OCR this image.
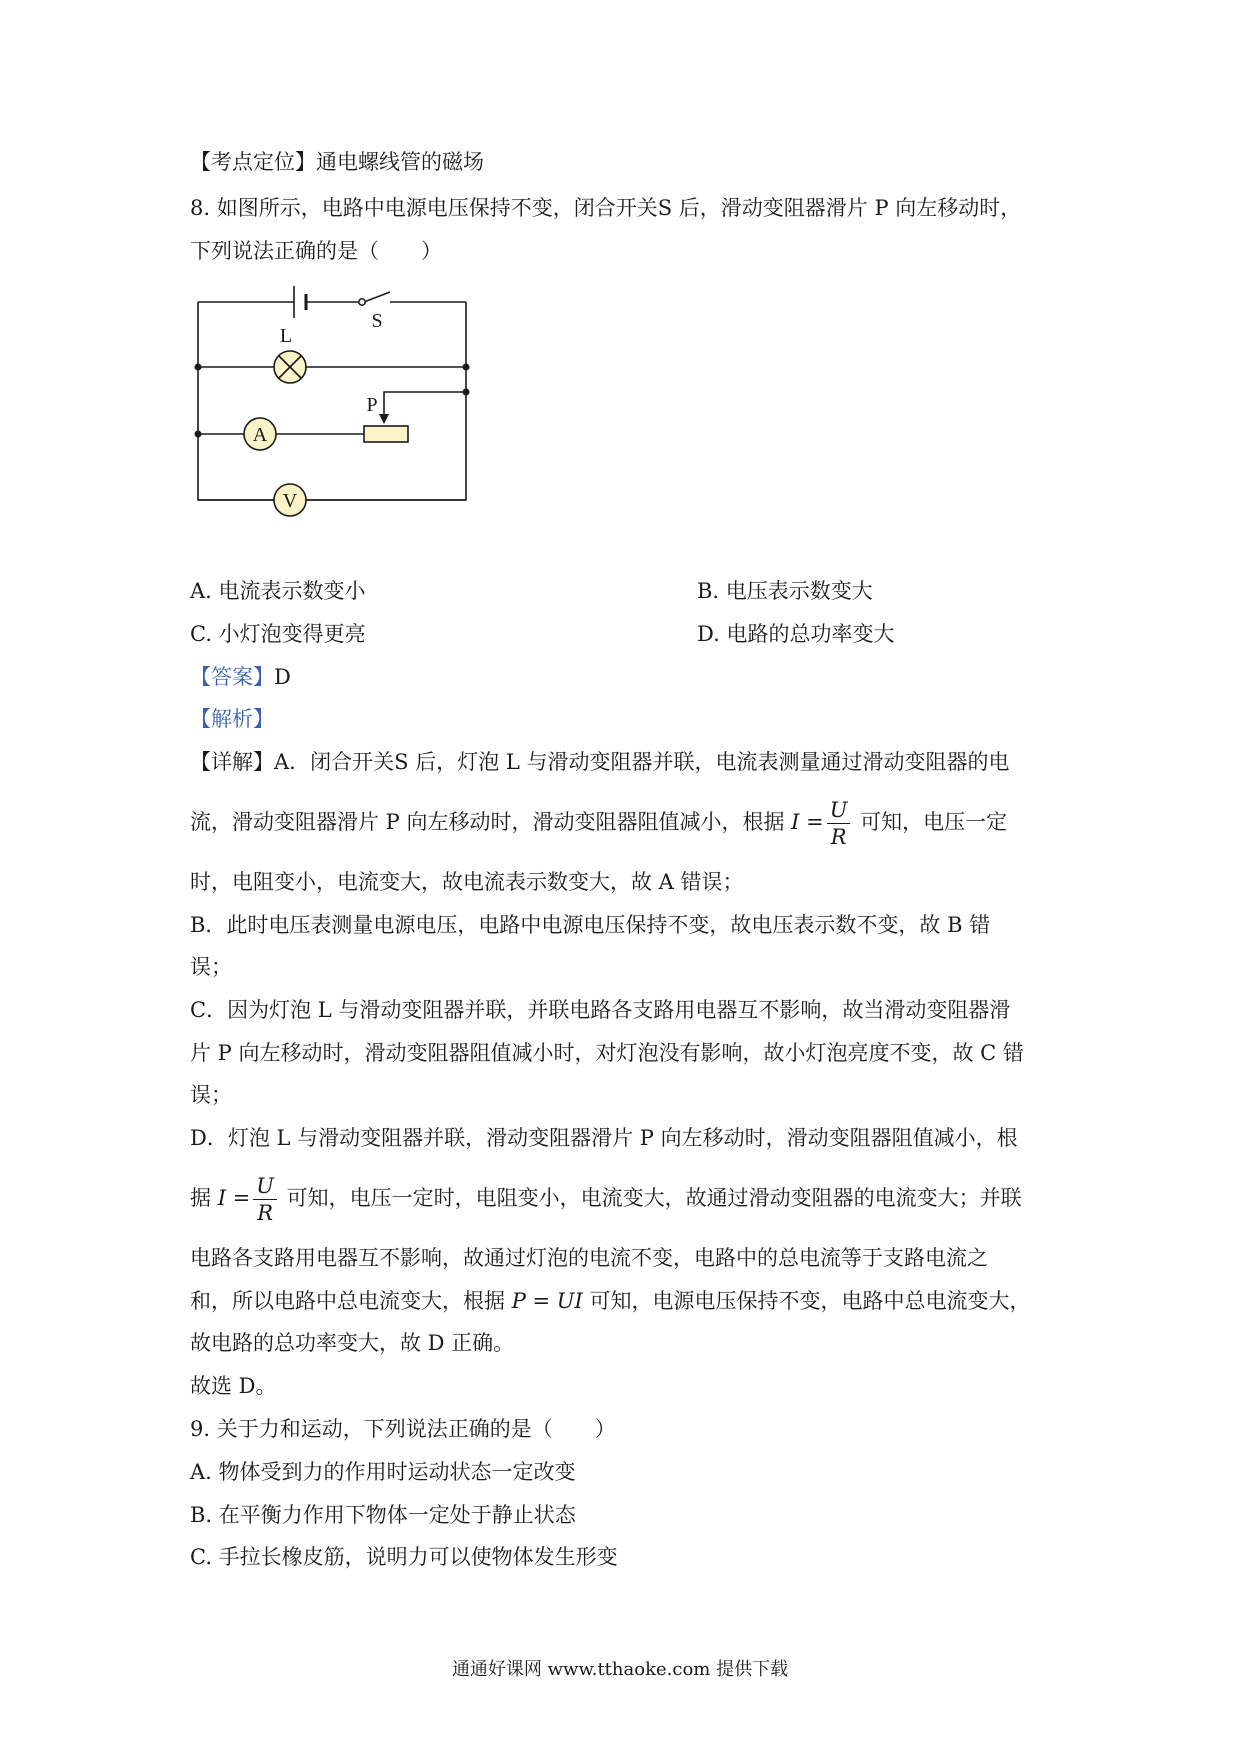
【考点定位】通电螺线管的磁场
8. 如图所示，电路中电源电压保持不变，闭合开关S 后，滑动变阻器滑片 P 向左移动时，
下列说法正确的是（　　）
S
L
P
A
V
A. 电流表示数变小	B. 电压表示数变大
C. 小灯泡变得更亮	D. 电路的总功率变大
【答案】D
【解析】
【详解】A．闭合开关S 后，灯泡 L 与滑动变阻器并联，电流表测量通过滑动变阻器的电
流，滑动变阻器滑片 P 向左移动时，滑动变阻器阻值减小，根据 $I = \frac{U}{R}$ 可知，电压一定
时，电阻变小，电流变大，故电流表示数变大，故 A 错误；
B．此时电压表测量电源电压，电路中电源电压保持不变，故电压表示数不变，故 B 错
误；
C．因为灯泡 L 与滑动变阻器并联，并联电路各支路用电器互不影响，故当滑动变阻器滑
片 P 向左移动时，滑动变阻器阻值减小时，对灯泡没有影响，故小灯泡亮度不变，故 C 错
误；
D．灯泡 L 与滑动变阻器并联，滑动变阻器滑片 P 向左移动时，滑动变阻器阻值减小，根
据 $I = \frac{U}{R}$ 可知，电压一定时，电阻变小，电流变大，故通过滑动变阻器的电流变大；并联
电路各支路用电器互不影响，故通过灯泡的电流不变，电路中的总电流等于支路电流之
和，所以电路中总电流变大，根据 P = UI 可知，电源电压保持不变，电路中总电流变大，
故电路的总功率变大，故 D 正确。
故选 D。
9. 关于力和运动，下列说法正确的是（　　）
A. 物体受到力的作用时运动状态一定改变
B. 在平衡力作用下物体一定处于静止状态
C. 手拉长橡皮筋，说明力可以使物体发生形变
通通好课网 www.tthaoke.com 提供下载
